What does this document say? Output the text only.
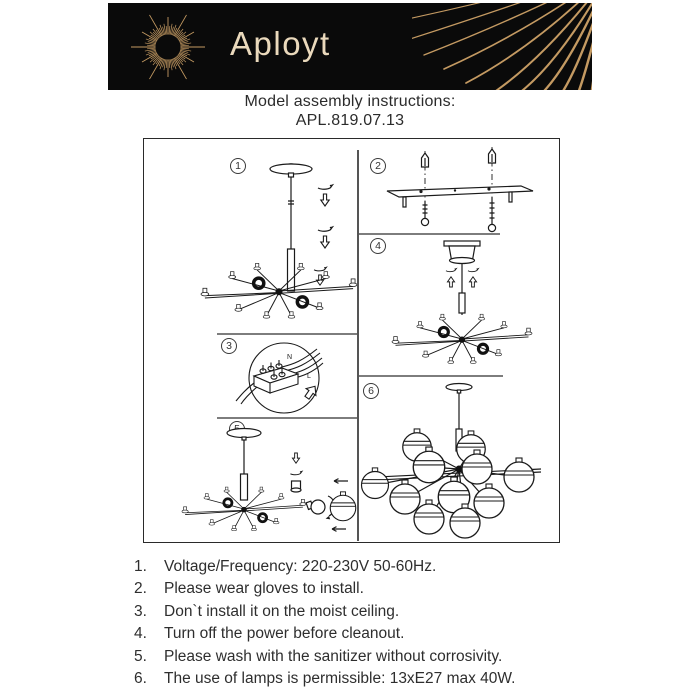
Aployt
Model assembly instructions:
APL.819.07.13
1	2
3
4
6
N
L
1.	Voltage/Frequency: 220-230V 50-60Hz.
2.	Please wear gloves to install.
3.	Don`t install it on the moist ceiling.
4.	Turn off the power before cleanout.
5.	Please wash with the sanitizer without corrosivity.
6.	The use of lamps is permissible: 13xE27 max 40W.
